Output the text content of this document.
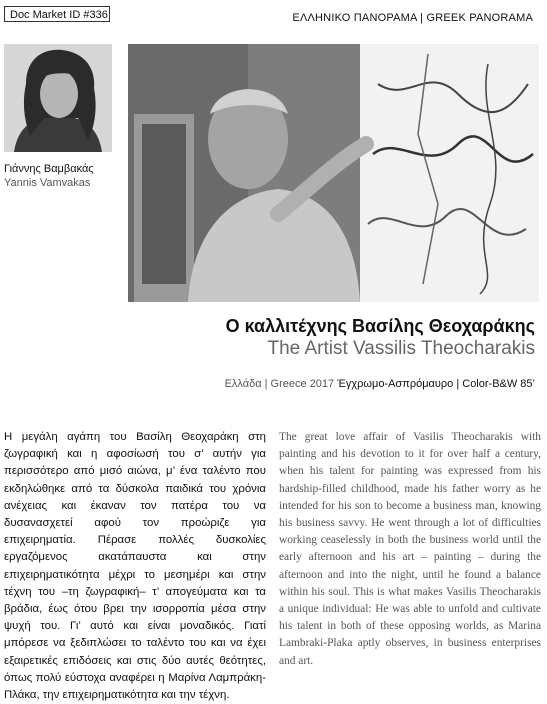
Doc Market ID #336	ΕΛΛΗΝΙΚΟ ΠΑΝΟΡΑΜΑ | GREEK PANORAMA
Γιάννης Βαμβακάς
Yannis Vamvakas
Ο καλλιτέχνης Βασίλης Θεοχαράκης
The Artist Vassilis Theocharakis
Ελλάδα | Greece 2017 Έγχρωμο-Ασπρόμαυρο | Color-B&W 85’

Η μεγάλη αγάπη του Βασίλη Θεοχαράκη στη ζωγραφική και η αφοσίωσή του σ’ αυτήν για περισσότερο από μισό αιώνα, μ’ ένα ταλέντο που εκδηλώθηκε από τα δύσκολα παιδικά του χρόνια ανέχειας και έκαναν τον πατέρα του να δυσανασχετεί αφού τον προώριζε για επιχειρηματία. Πέρασε πολλές δυσκολίες εργαζόμενος ακατάπαυστα και στην επιχειρηματικότητα μέχρι το μεσημέρι και στην τέχνη του –τη ζωγραφική– τ’ απογεύματα και τα βράδια, έως ότου βρει την ισορροπία μέσα στην ψυχή του. Γι’ αυτό και είναι μοναδικός. Γιατί μπόρεσε να ξεδιπλώσει το ταλέντο του και να έχει εξαιρετικές επιδόσεις και στις δύο αυτές θεότητες, όπως πολύ εύστοχα αναφέρει η Μαρίνα Λαμπράκη-Πλάκα, την επιχειρηματικότητα και την τέχνη.

The great love affair of Vasilis Theocharakis with painting and his devotion to it for over half a century, when his talent for painting was expressed from his hardship-filled childhood, made his father worry as he intended for his son to become a business man, knowing his business savvy. He went through a lot of difficulties working ceaselessly in both the business world until the early afternoon and his art – painting – during the afternoon and into the night, until he found a balance within his soul. This is what makes Vasilis Theocharakis a unique individual: He was able to unfold and cultivate his talent in both of these opposing worlds, as Marina Lambraki-Plaka aptly observes, in business enterprises and art.
